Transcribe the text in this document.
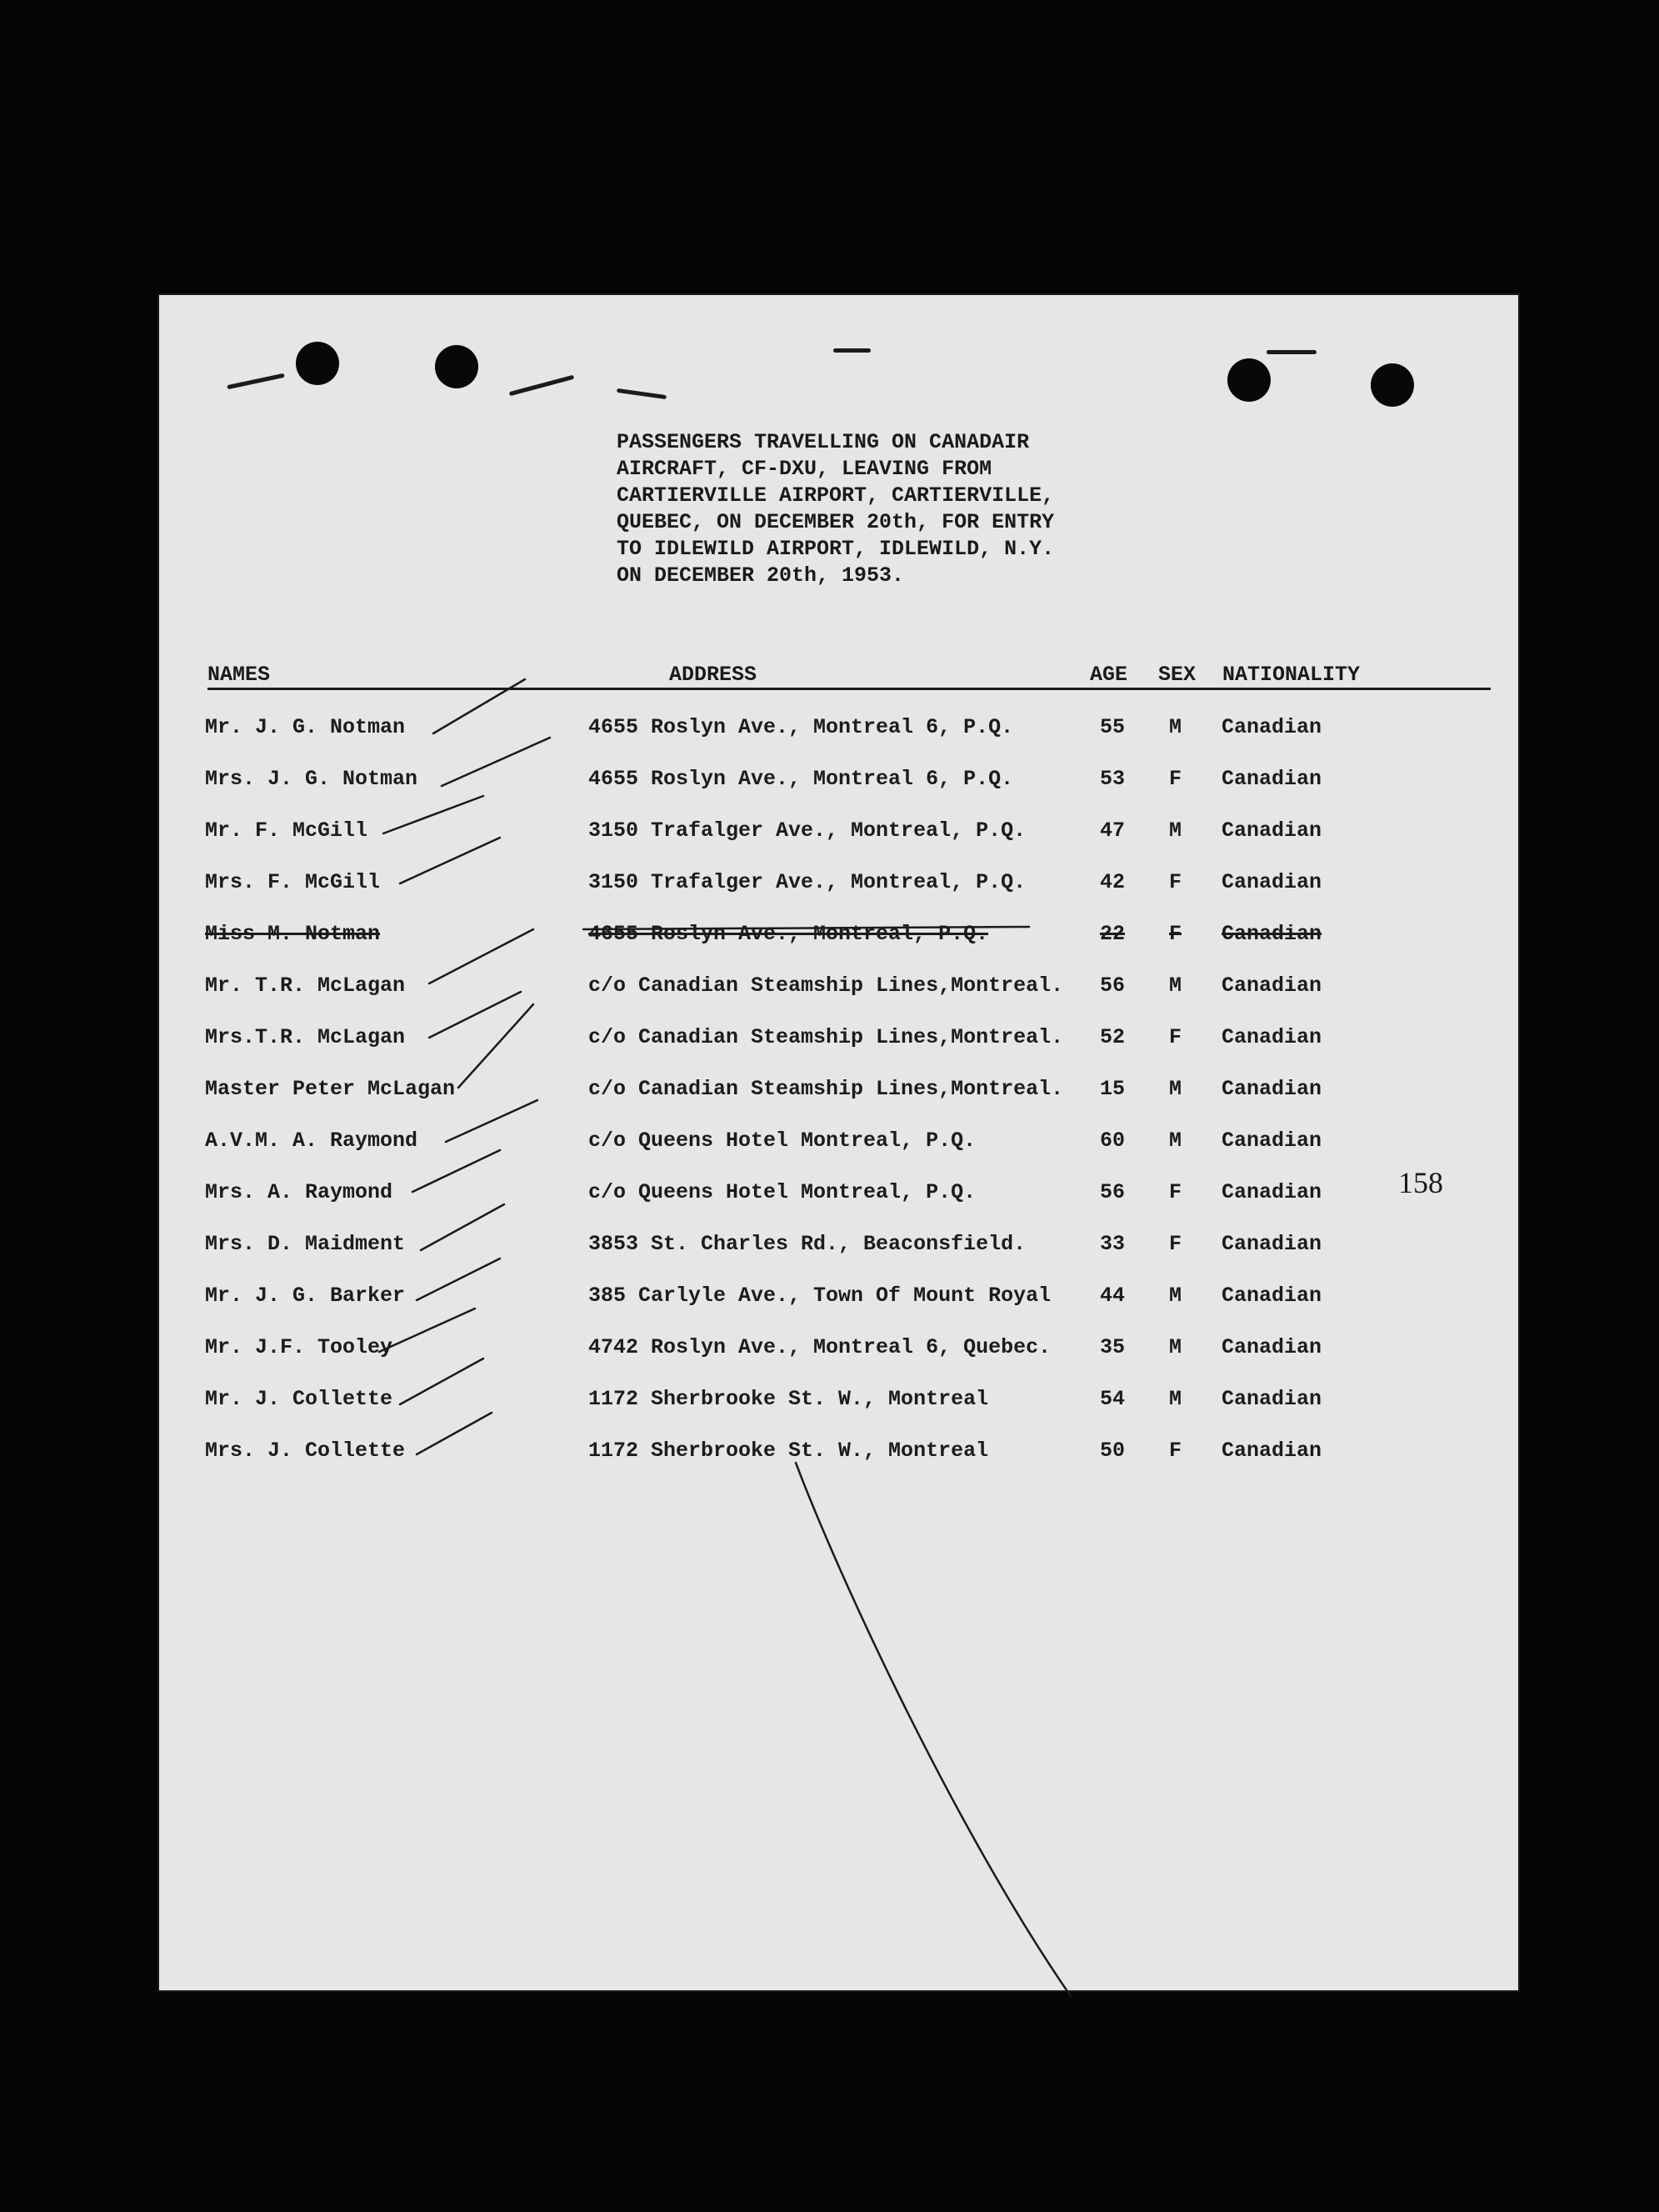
PASSENGERS TRAVELLING ON CANADAIR
AIRCRAFT, CF-DXU, LEAVING FROM
CARTIERVILLE AIRPORT, CARTIERVILLE,
QUEBEC, ON DECEMBER 20th, FOR ENTRY
TO IDLEWILD AIRPORT, IDLEWILD, N.Y.
ON DECEMBER 20th, 1953.
NAMES	ADDRESS	AGE SEX NATIONALITY
Mr. J. G. Notman	4655 Roslyn Ave., Montreal 6, P.Q.	55 M Canadian
Mrs. J. G. Notman	4655 Roslyn Ave., Montreal 6, P.Q.	53 F Canadian
Mr. F. McGill	3150 Trafalger Ave., Montreal, P.Q.	47 M Canadian
Mrs. F. McGill	3150 Trafalger Ave., Montreal, P.Q.	42 F Canadian
Miss M. Notman	4655 Roslyn Ave., Montreal, P.Q.	22 F Canadian
Mr. T.R. McLagan	c/o Canadian Steamship Lines,Montreal. 56 M Canadian
Mrs.T.R. McLagan	c/o Canadian Steamship Lines,Montreal. 52 F Canadian
Master Peter McLagan	c/o Canadian Steamship Lines,Montreal. 15 M Canadian
A.V.M. A. Raymond	c/o Queens Hotel Montreal, P.Q.	60 M Canadian
Mrs. A. Raymond	c/o Queens Hotel Montreal, P.Q.	56 F Canadian
Mrs. D. Maidment	3853 St. Charles Rd., Beaconsfield.	33 F Canadian
Mr. J. G. Barker	385 Carlyle Ave., Town Of Mount Royal 44 M Canadian
Mr. J.F. Tooley	4742 Roslyn Ave., Montreal 6, Quebec. 35 M Canadian
Mr. J. Collette	1172 Sherbrooke St. W., Montreal	54 M Canadian
Mrs. J. Collette	1172 Sherbrooke St. W., Montreal	50 F Canadian
158
